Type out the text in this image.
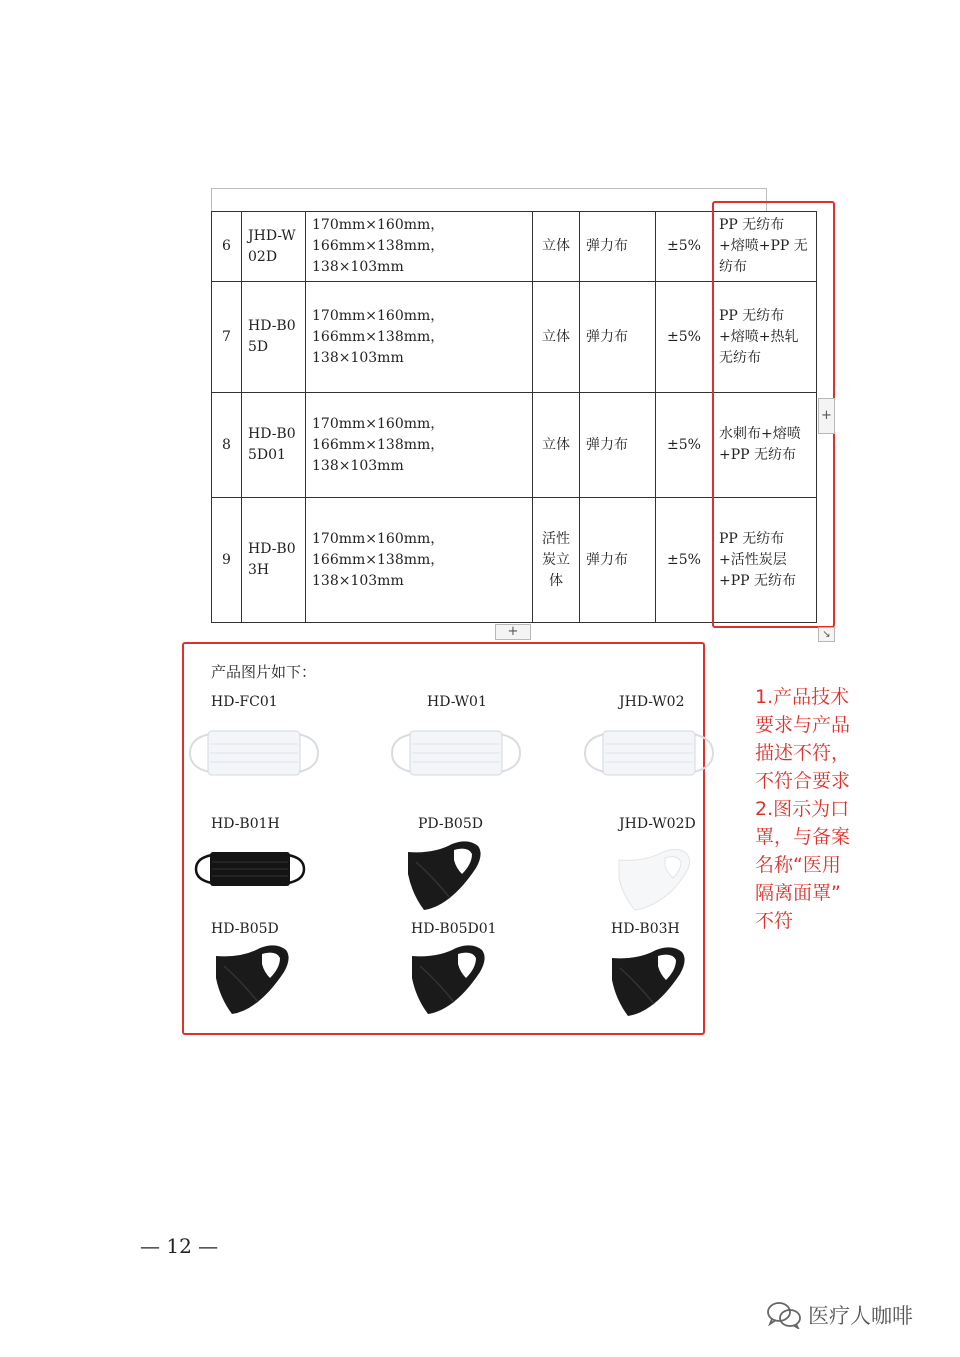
6	JHD-W02D	170mm×160mm，166mm×138mm，138×103mm	立体	弹力布	±5%	PP 无纺布+熔喷+PP 无纺布
7	HD-B05D	170mm×160mm，166mm×138mm，138×103mm	立体	弹力布	±5%	PP 无纺布+熔喷+热轧无纺布
8	HD-B05D01	170mm×160mm，166mm×138mm，138×103mm	立体	弹力布	±5%	水刺布+熔喷+PP 无纺布
9	HD-B03H	170mm×160mm，166mm×138mm，138×103mm	活性炭立体	弹力布	±5%	PP 无纺布+活性炭层+PP 无纺布
+
+
↘
产品图片如下：
HD-FC01	HD-W01	JHD-W02
HD-B01H	PD-B05D	JHD-W02D
HD-B05D	HD-B05D01	HD-B03H
1.产品技术
要求与产品
描述不符，
不符合要求
2.图示为口
罩，与备案
名称“医用
隔离面罩”
不符
— 12 —
医疗人咖啡
